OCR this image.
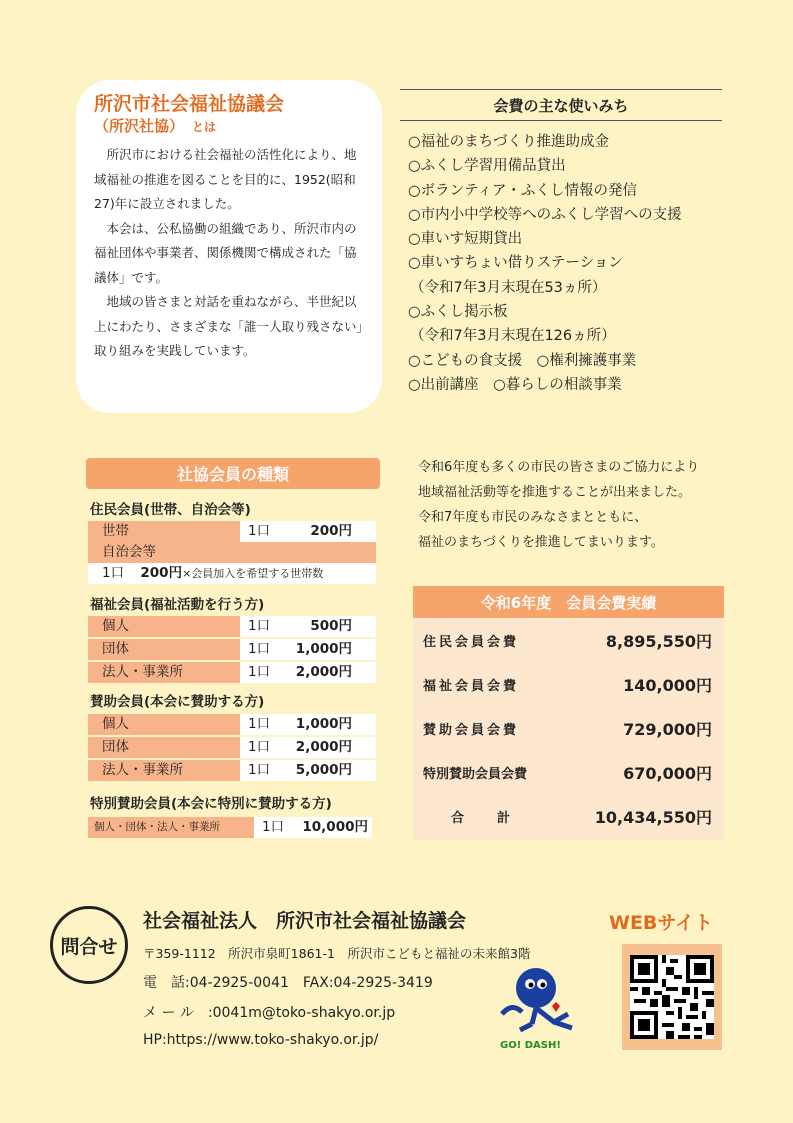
所沢市社会福祉協議会
（所沢社協） とは

所沢市における社会福祉の活性化により、地域福祉の推進を図ることを目的に、1952(昭和27)年に設立されました。

本会は、公私協働の組織であり、所沢市内の福祉団体や事業者、関係機関で構成された「協議体」です。

地域の皆さまと対話を重ねながら、半世紀以上にわたり、さまざまな「誰一人取り残さない」取り組みを実践しています。

会費の主な使いみち
○福祉のまちづくり推進助成金
○ふくし学習用備品貸出
○ボランティア・ふくし情報の発信
○市内小中学校等へのふくし学習への支援
○車いす短期貸出
○車いすちょい借りステーション
（令和7年3月末現在53ヵ所）
○ふくし掲示板
（令和7年3月末現在126ヵ所）
○こどもの食支援　○権利擁護事業
○出前講座　○暮らしの相談事業
社協会員の種類
住民会員(世帯、自治会等)
世帯	1口	200円
自治会等
1口 200円×会員加入を希望する世帯数
福祉会員(福祉活動を行う方)
個人	1口	500円
団体	1口	1,000円
法人・事業所	1口	2,000円
賛助会員(本会に賛助する方)
個人	1口	1,000円
団体	1口	2,000円
法人・事業所	1口	5,000円
特別賛助会員(本会に特別に賛助する方)
個人・団体・法人・事業所	1口	10,000円

令和6年度も多くの市民の皆さまのご協力により

地域福祉活動等を推進することが出来ました。

令和7年度も市民のみなさまとともに、

福祉のまちづくりを推進してまいります。

令和6年度　会員会費実績
住民会員会費	8,895,550円
福祉会員会費	140,000円
賛助会員会費	729,000円
特別賛助会員会費	670,000円
合　計	10,434,550円
問合せ
社会福祉法人　所沢市社会福祉協議会	WEBサイト
〒359-1112　所沢市泉町1861-1　所沢市こどもと福祉の未来館3階
電　話:04-2925-0041　FAX:04-2925-3419
メ ー ル　:0041m@toko-shakyo.or.jp
HP:https://www.toko-shakyo.or.jp/	GO! DASH!
